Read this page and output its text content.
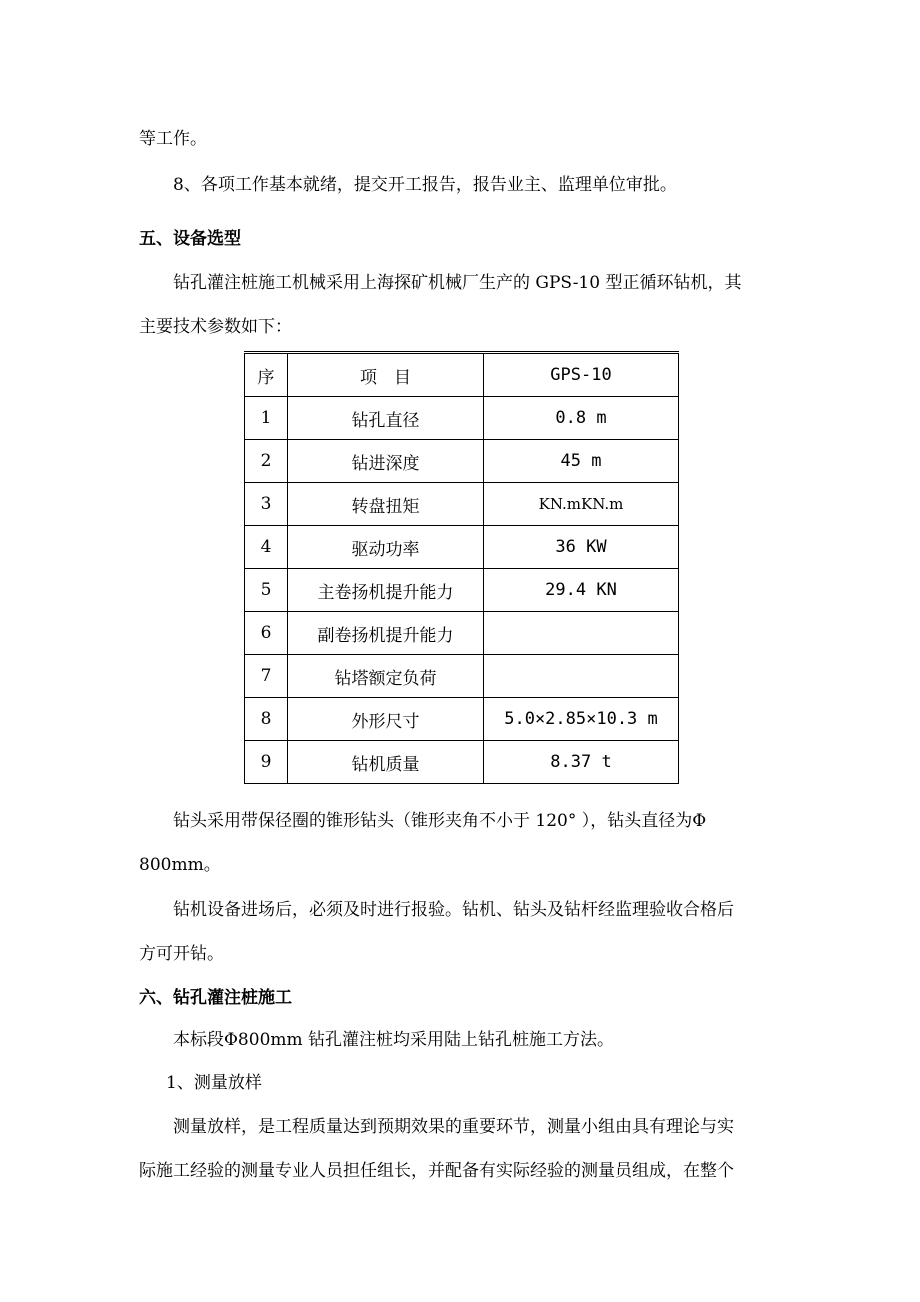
等工作。
8、各项工作基本就绪，提交开工报告，报告业主、监理单位审批。
五、设备选型
钻孔灌注桩施工机械采用上海探矿机械厂生产的 GPS-10 型正循环钻机，其
主要技术参数如下：
序	项　目	GPS-10
1	钻孔直径	0.8 m
2	钻进深度	45 m
3	转盘扭矩	KN.mKN.m
4	驱动功率	36 KW
5	主卷扬机提升能力	29.4 KN
6	副卷扬机提升能力	
7	钻塔额定负荷	
8	外形尺寸	5.0×2.85×10.3 m
9	钻机质量	8.37 t
钻头采用带保径圈的锥形钻头（锥形夹角不小于 120° ），钻头直径为Φ
800mm。
钻机设备进场后，必须及时进行报验。钻机、钻头及钻杆经监理验收合格后
方可开钻。
六、钻孔灌注桩施工
本标段Φ800mm 钻孔灌注桩均采用陆上钻孔桩施工方法。
1、测量放样
测量放样，是工程质量达到预期效果的重要环节，测量小组由具有理论与实
际施工经验的测量专业人员担任组长，并配备有实际经验的测量员组成，在整个
